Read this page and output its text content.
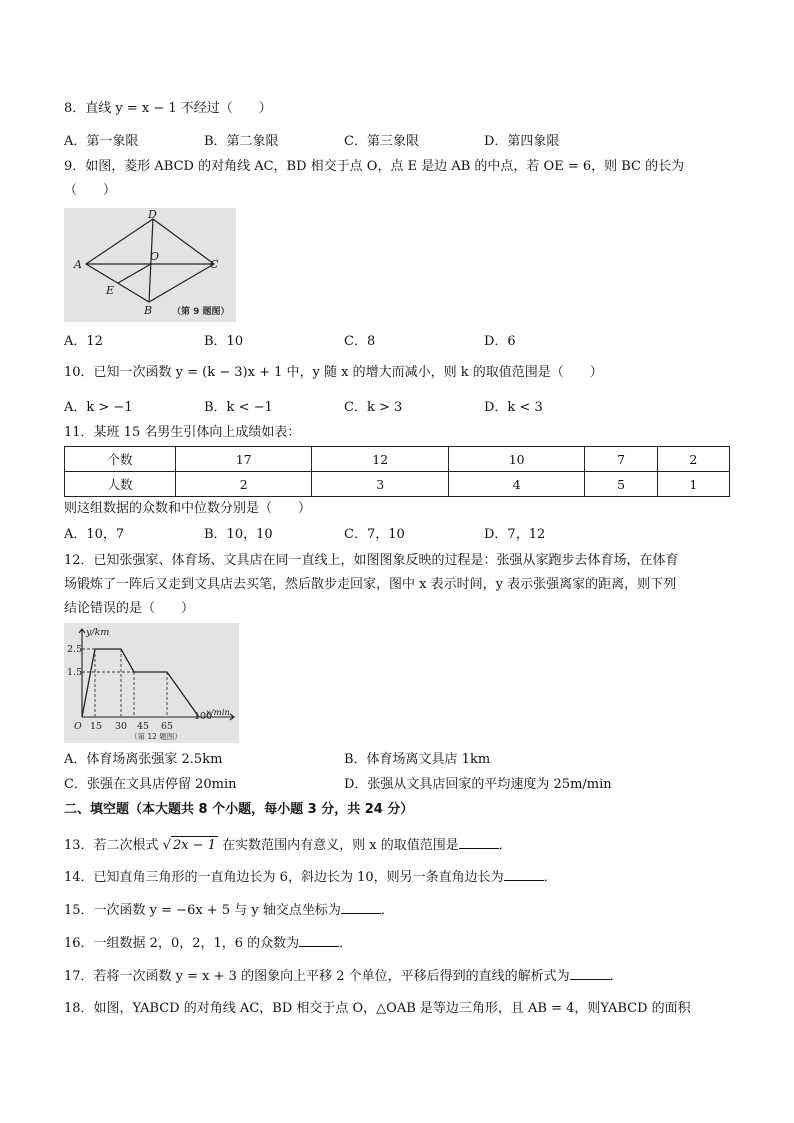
8．直线 y = x − 1 不经过（　　）
A．第一象限	B．第二象限	C．第三象限	D．第四象限
9．如图，菱形 ABCD 的对角线 AC，BD 相交于点 O，点 E 是边 AB 的中点，若 OE = 6，则 BC 的长为
（　　）
D
A
O
C
E
B （第 9 题图）
A．12	B．10	C．8	D．6
10．已知一次函数 y = (k − 3)x + 1 中，y 随 x 的增大而减小，则 k 的取值范围是（　　）
A．k > −1	B．k < −1	C．k > 3	D．k < 3
11．某班 15 名男生引体向上成绩如表：
个数	17	12	10	7	2
人数	2	3	4	5	1
则这组数据的众数和中位数分别是（　　）
A．10，7	B．10，10	C．7，10	D．7，12
12．已知张强家、体育场、文具店在同一直线上，如图图象反映的过程是：张强从家跑步去体育场，在体育
场锻炼了一阵后又走到文具店去买笔，然后散步走回家，图中 x 表示时间，y 表示张强离家的距离，则下列
结论错误的是（　　）
y/km
x/min
2.5
1.5
O 15 30 45 65
100
（第 12 题图）
A．体育场离张强家 2.5km	B．体育场离文具店 1km
C．张强在文具店停留 20min	D．张强从文具店回家的平均速度为 25m/min
二、填空题（本大题共 8 个小题，每小题 3 分，共 24 分）
13．若二次根式 √ 2x − 1 在实数范围内有意义，则 x 的取值范围是	．
14．已知直角三角形的一直角边长为 6，斜边长为 10，则另一条直角边长为	．
15．一次函数 y = −6x + 5 与 y 轴交点坐标为	．
16．一组数据 2，0，2，1，6 的众数为	．
17．若将一次函数 y = x + 3 的图象向上平移 2 个单位，平移后得到的直线的解析式为	．
18．如图，YABCD 的对角线 AC，BD 相交于点 O，△OAB 是等边三角形，且 AB = 4，则YABCD 的面积
